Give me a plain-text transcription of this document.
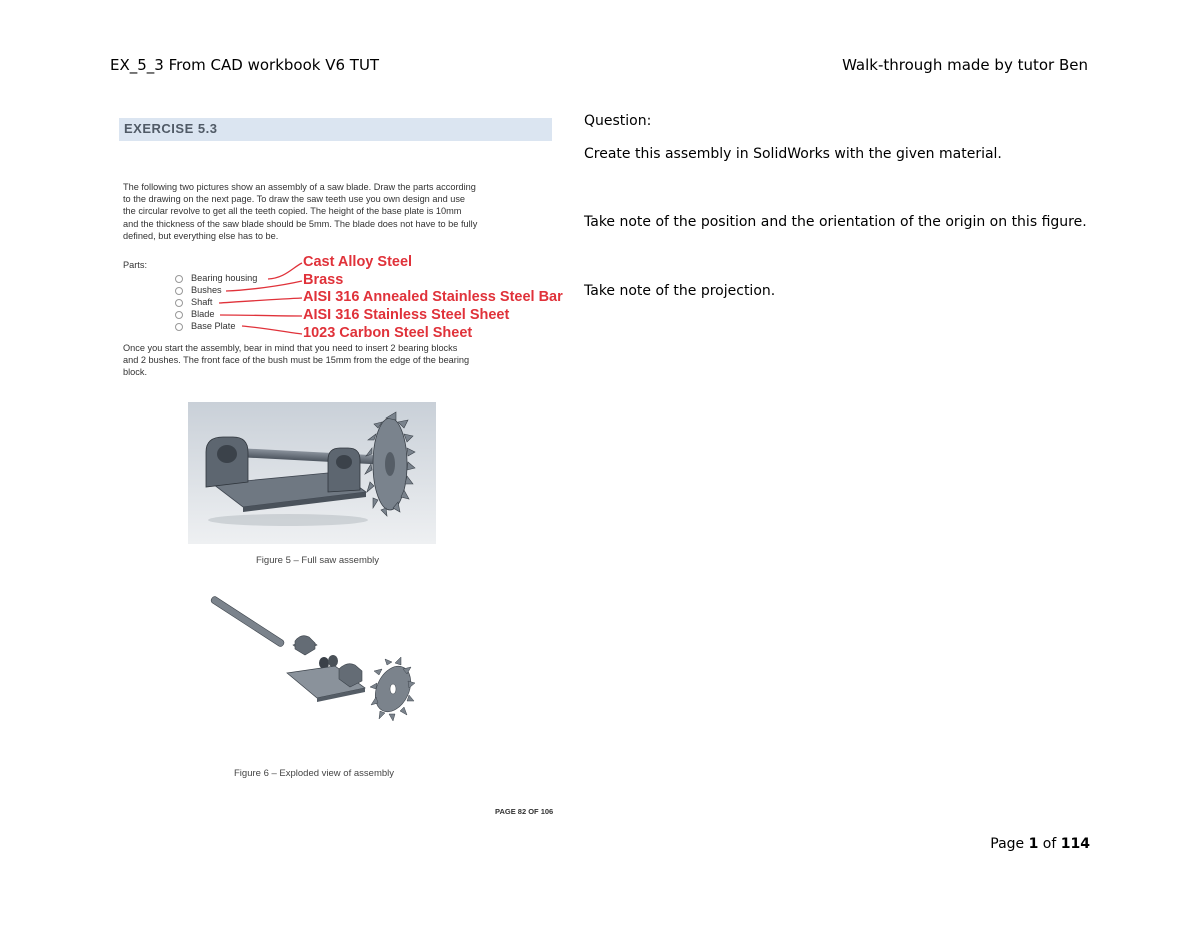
EX_5_3 From CAD workbook V6 TUT	Walk-through made by tutor Ben
EXERCISE 5.3

The following two pictures show an assembly of a saw blade. Draw the parts according

to the drawing on the next page. To draw the saw teeth use you own design and use

the circular revolve to get all the teeth copied. The height of the base plate is 10mm

and the thickness of the saw blade should be 5mm. The blade does not have to be fully

defined, but everything else has to be.

Parts:
Bearing housing
Bushes
Shaft
Blade
Base Plate
Cast Alloy Steel
Brass
AISI 316 Annealed Stainless Steel Bar
AISI 316 Stainless Steel Sheet
1023 Carbon Steel Sheet
Once you start the assembly, bear in mind that you need to insert 2 bearing blocks
and 2 bushes. The front face of the bush must be 15mm from the edge of the bearing
block.
Figure 5 – Full saw assembly
Figure 6 – Exploded view of assembly
PAGE 82 OF 106
Question:
Create this assembly in SolidWorks with the given material.
Take note of the position and the orientation of the origin on this figure.
Take note of the projection.
Page 1 of 114
